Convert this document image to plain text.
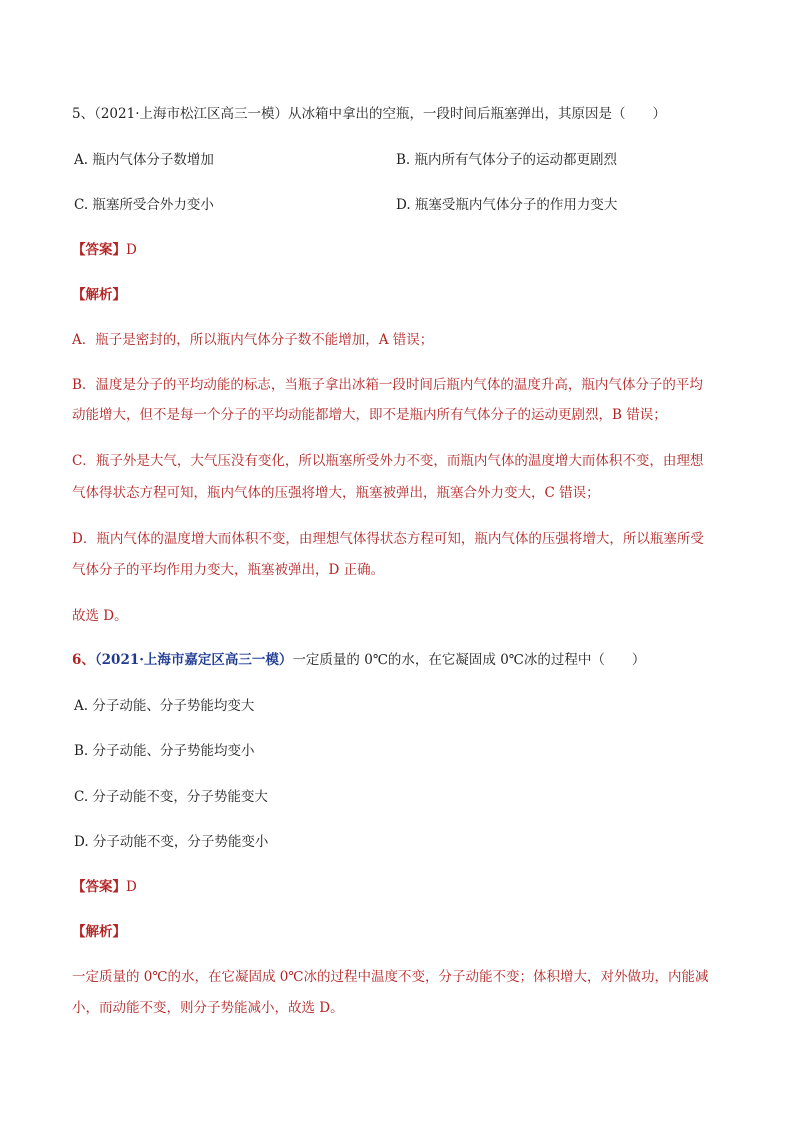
5、（2021·上海市松江区高三一模）从冰箱中拿出的空瓶，一段时间后瓶塞弹出，其原因是（　　）
A. 瓶内气体分子数增加	B. 瓶内所有气体分子的运动都更剧烈
C. 瓶塞所受合外力变小	D. 瓶塞受瓶内气体分子的作用力变大
【答案】D
【解析】
A．瓶子是密封的，所以瓶内气体分子数不能增加，A 错误；
B．温度是分子的平均动能的标志，当瓶子拿出冰箱一段时间后瓶内气体的温度升高，瓶内气体分子的平均
动能增大，但不是每一个分子的平均动能都增大，即不是瓶内所有气体分子的运动更剧烈，B 错误；
C．瓶子外是大气，大气压没有变化，所以瓶塞所受外力不变，而瓶内气体的温度增大而体积不变，由理想
气体得状态方程可知，瓶内气体的压强将增大，瓶塞被弹出，瓶塞合外力变大，C 错误；
D．瓶内气体的温度增大而体积不变，由理想气体得状态方程可知，瓶内气体的压强将增大，所以瓶塞所受
气体分子的平均作用力变大，瓶塞被弹出，D 正确。
故选 D。
6、（2021·上海市嘉定区高三一模）一定质量的 0℃的水，在它凝固成 0℃冰的过程中（　　）
A. 分子动能、分子势能均变大
B. 分子动能、分子势能均变小
C. 分子动能不变，分子势能变大
D. 分子动能不变，分子势能变小
【答案】D
【解析】
一定质量的 0℃的水，在它凝固成 0℃冰的过程中温度不变，分子动能不变；体积增大，对外做功，内能减
小，而动能不变，则分子势能减小，故选 D。
